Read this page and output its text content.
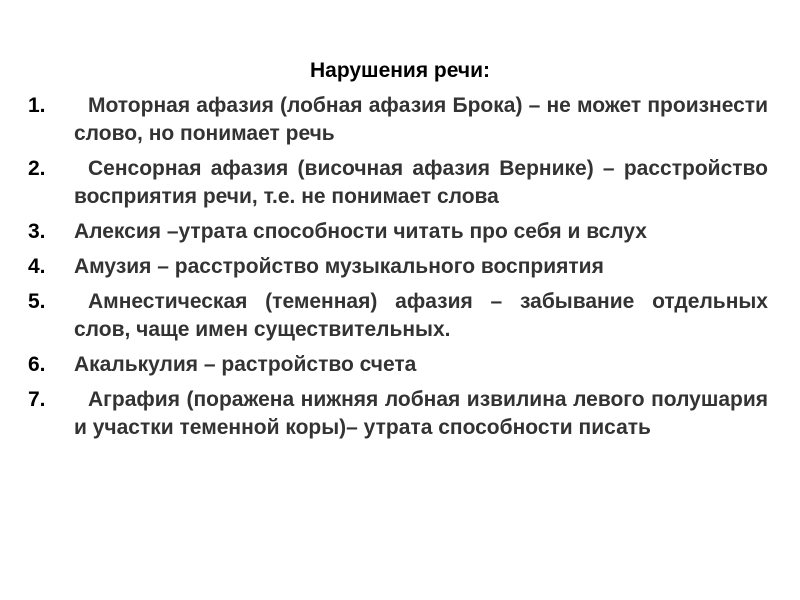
Нарушения речи:
1.	Моторная афазия (лобная афазия Брока) – не может произнести слово, но понимает речь
2.	Сенсорная афазия (височная афазия Вернике) – расстройство восприятия речи, т.е. не понимает слова
3.	Алексия –утрата способности читать про себя и вслух
4.	Амузия – расстройство музыкального восприятия
5.	Амнестическая (теменная) афазия – забывание отдельных слов, чаще имен существительных.
6.	Акалькулия – растройство счета
7.	Аграфия (поражена нижняя лобная извилина левого полушария и участки теменной коры)– утрата способности писать
